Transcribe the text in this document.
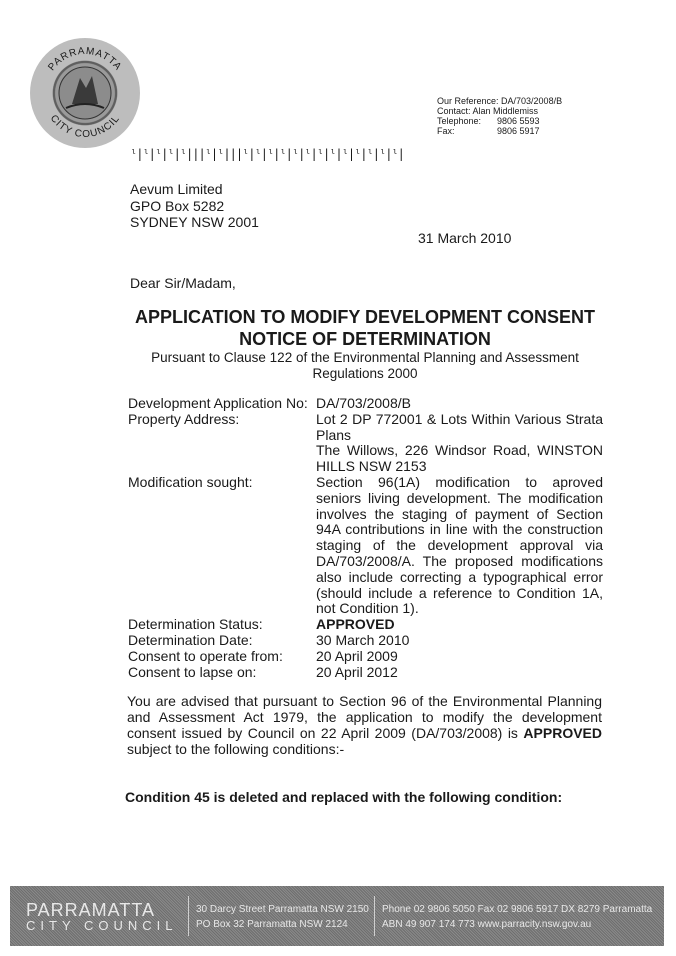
PARRAMATTA
CITY COUNCIL
Our Reference: DA/703/2008/B
Contact: Alan Middlemiss
Telephone:	9806 5593
Fax:	9806 5917
ˡ|ˡ|ˡ|ˡ|ˡ|||ˡ|ˡ|||ˡ|ˡ|ˡ|ˡ|ˡ|ˡ|ˡ|ˡ|ˡ|ˡ|ˡ|ˡ|ˡ|
Aevum Limited
GPO Box 5282
SYDNEY NSW 2001
31 March 2010
Dear Sir/Madam,
APPLICATION TO MODIFY DEVELOPMENT CONSENT
NOTICE OF DETERMINATION
Pursuant to Clause 122 of the Environmental Planning and Assessment Regulations 2000
Development Application No: DA/703/2008/B
Property Address:	Lot 2 DP 772001 & Lots Within Various Strata Plans
The Willows, 226 Windsor Road, WINSTON HILLS NSW 2153
Modification sought:	Section 96(1A) modification to aproved seniors living development. The modification involves the staging of payment of Section 94A contributions in line with the construction staging of the development approval via DA/703/2008/A. The proposed modifications also include correcting a typographical error (should include a reference to Condition 1A, not Condition 1).
Determination Status:	APPROVED
Determination Date:	30 March 2010
Consent to operate from:	20 April 2009
Consent to lapse on:	20 April 2012
You are advised that pursuant to Section 96 of the Environmental Planning and Assessment Act 1979, the application to modify the development consent issued by Council on 22 April 2009 (DA/703/2008) is APPROVED subject to the following conditions:-
Condition 45 is deleted and replaced with the following condition:
PARRAMATTA
CITY COUNCIL
30 Darcy Street Parramatta NSW 2150
PO Box 32 Parramatta NSW 2124
Phone 02 9806 5050 Fax 02 9806 5917 DX 8279 Parramatta
ABN 49 907 174 773 www.parracity.nsw.gov.au
